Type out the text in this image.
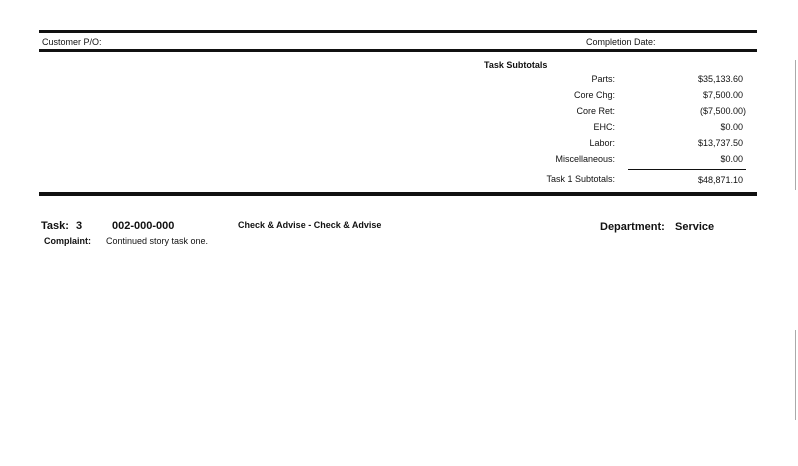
Customer P/O:	Completion Date:
Task Subtotals
Parts:	$35,133.60
Core Chg:	$7,500.00
Core Ret:	($7,500.00)
EHC:	$0.00
Labor:	$13,737.50
Miscellaneous:	$0.00
Task 1 Subtotals:	$48,871.10
Task: 3	002-000-000	Check & Advise - Check & Advise	Department: Service
Complaint: Continued story task one.
